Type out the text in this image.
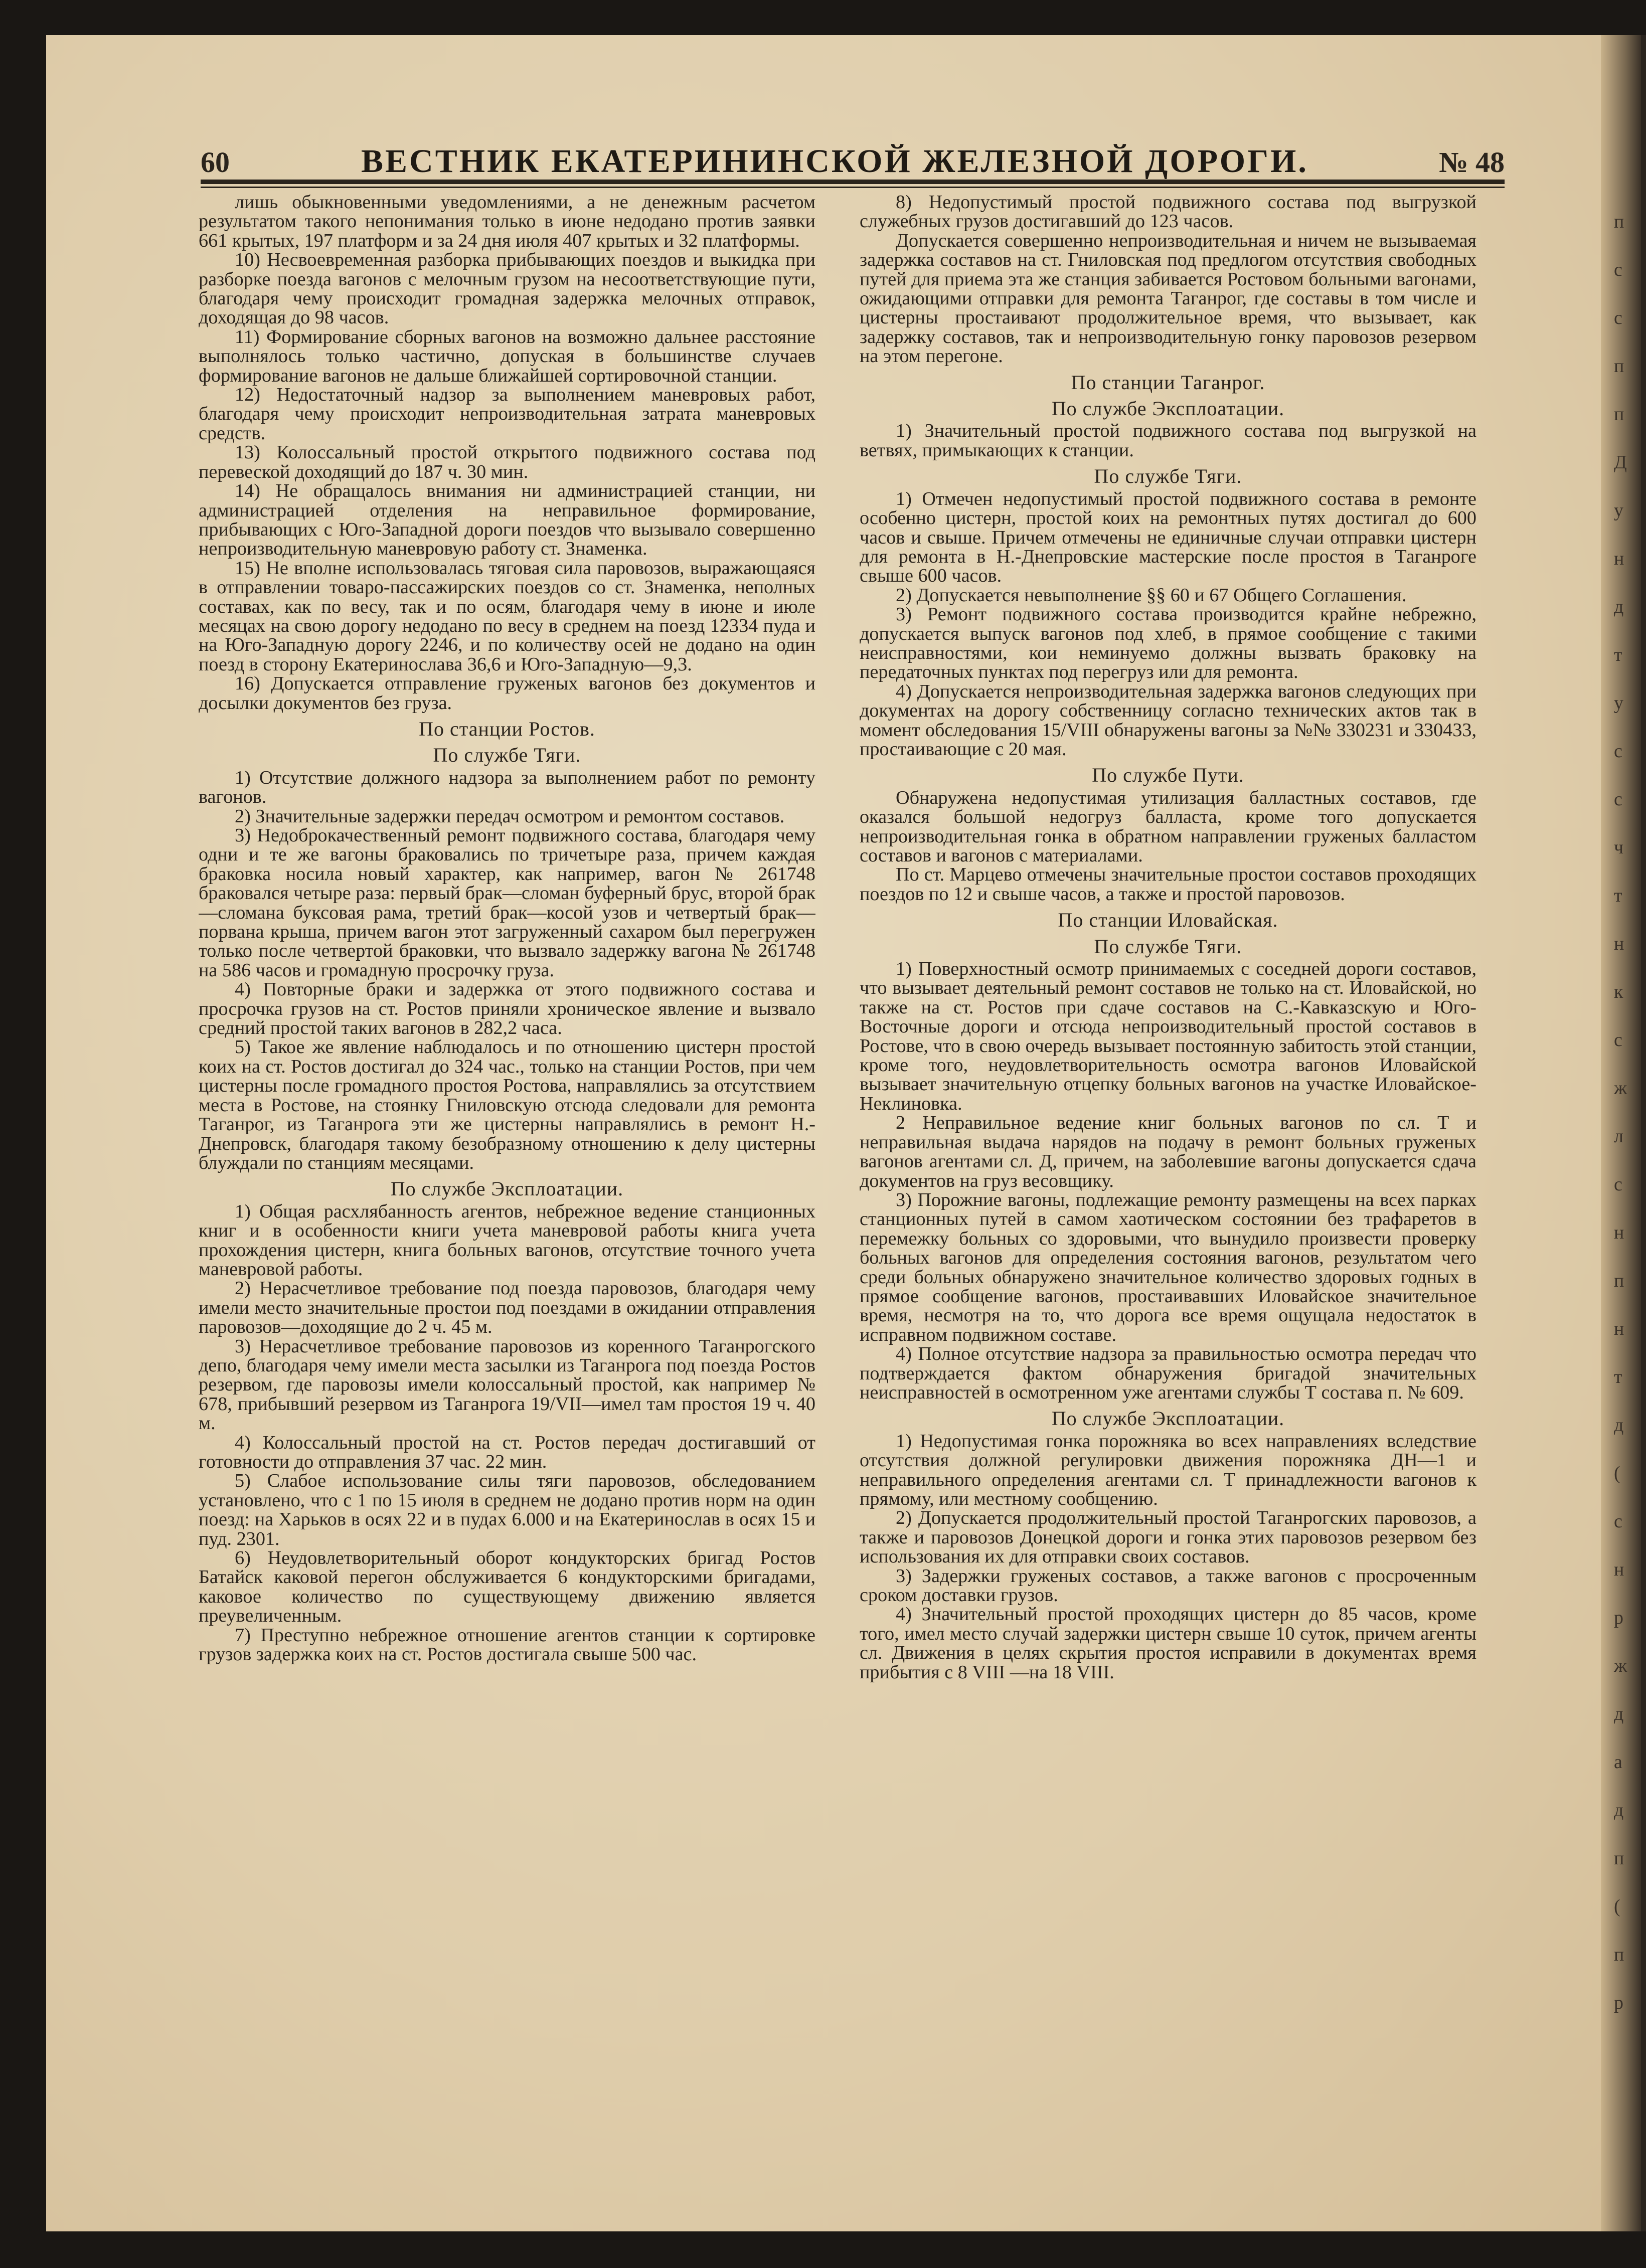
60	ВЕСТНИК ЕКАТЕРИНИНСКОЙ ЖЕЛЕЗНОЙ ДОРОГИ.	№ 48

лишь обыкновенными уведомлениями, а не денежным расчетом результатом такого непонимания только в июне недодано против заявки 661 крытых, 197 платформ и за 24 дня июля 407 крытых и 32 платформы.

10) Несвоевременная разборка прибывающих поездов и выкидка при разборке поезда вагонов с мелочным грузом на несоответствующие пути, благодаря чему происходит громадная задержка мелочных отправок, доходящая до 98 часов.

11) Формирование сборных вагонов на возможно дальнее расстояние выполнялось только частично, допуская в большинстве случаев формирование вагонов не дальше ближайшей сортировочной станции.

12) Недостаточный надзор за выполнением маневровых работ, благодаря чему происходит непроизводительная затрата маневровых средств.

13) Колоссальный простой открытого подвижного состава под перевеской доходящий до 187 ч. 30 мин.

14) Не обращалось внимания ни администрацией станции, ни администрацией отделения на неправильное формирование, прибывающих с Юго-Западной дороги поездов что вызывало совершенно непроизводительную маневровую работу ст. Знаменка.

15) Не вполне использовалась тяговая сила паровозов, выражающаяся в отправлении товаро-пассажирских поездов со ст. Знаменка, неполных составах, как по весу, так и по осям, благодаря чему в июне и июле месяцах на свою дорогу недодано по весу в среднем на поезд 12334 пуда и на Юго-Западную дорогу 2246, и по количеству осей не додано на один поезд в сторону Екатеринослава 36,6 и Юго-Западную—9,3.

16) Допускается отправление груженых вагонов без документов и досылки документов без груза.

По станции Ростов.
По службе Тяги.

1) Отсутствие должного надзора за выполнением работ по ремонту вагонов.

2) Значительные задержки передач осмотром и ремонтом составов.

3) Недоброкачественный ремонт подвижного состава, благодаря чему одни и те же вагоны браковались по тричетыре раза, причем каждая браковка носила новый характер, как например, вагон № 261748 браковался четыре раза: первый брак—сломан буферный брус, второй брак—сломана буксовая рама, третий брак—косой узов и четвертый брак—порвана крыша, причем вагон этот загруженный сахаром был перегружен только после четвертой браковки, что вызвало задержку вагона № 261748 на 586 часов и громадную просрочку груза.

4) Повторные браки и задержка от этого подвижного состава и просрочка грузов на ст. Ростов приняли хроническое явление и вызвало средний простой таких вагонов в 282,2 часа.

5) Такое же явление наблюдалось и по отношению цистерн простой коих на ст. Ростов достигал до 324 час., только на станции Ростов, при чем цистерны после громадного простоя Ростова, направлялись за отсутствием места в Ростове, на стоянку Гниловскую отсюда следовали для ремонта Таганрог, из Таганрога эти же цистерны направлялись в ремонт Н.-Днепровск, благодаря такому безобразному отношению к делу цистерны блуждали по станциям месяцами.

По службе Эксплоатации.

1) Общая расхлябанность агентов, небрежное ведение станционных книг и в особенности книги учета маневровой работы книга учета прохождения цистерн, книга больных вагонов, отсутствие точного учета маневровой работы.

2) Нерасчетливое требование под поезда паровозов, благодаря чему имели место значительные простои под поездами в ожидании отправления паровозов—доходящие до 2 ч. 45 м.

3) Нерасчетливое требование паровозов из коренного Таганрогского депо, благодаря чему имели места засылки из Таганрога под поезда Ростов резервом, где паровозы имели колоссальный простой, как например № 678, прибывший резервом из Таганрога 19/VII—имел там простоя 19 ч. 40 м.

4) Колоссальный простой на ст. Ростов передач достигавший от готовности до отправления 37 час. 22 мин.

5) Слабое использование силы тяги паровозов, обследованием установлено, что с 1 по 15 июля в среднем не додано против норм на один поезд: на Харьков в осях 22 и в пудах 6.000 и на Екатеринослав в осях 15 и пуд. 2301.

6) Неудовлетворительный оборот кондукторских бригад Ростов Батайск каковой перегон обслуживается 6 кондукторскими бригадами, каковое количество по существующему движению является преувеличенным.

7) Преступно небрежное отношение агентов станции к сортировке грузов задержка коих на ст. Ростов достигала свыше 500 час.

8) Недопустимый простой подвижного состава под выгрузкой служебных грузов достигавший до 123 часов.

Допускается совершенно непроизводительная и ничем не вызываемая задержка составов на ст. Гниловская под предлогом отсутствия свободных путей для приема эта же станция забивается Ростовом больными вагонами, ожидающими отправки для ремонта Таганрог, где составы в том числе и цистерны простаивают продолжительное время, что вызывает, как задержку составов, так и непроизводительную гонку паровозов резервом на этом перегоне.

По станции Таганрог.
По службе Эксплоатации.

1) Значительный простой подвижного состава под выгрузкой на ветвях, примыкающих к станции.

По службе Тяги.

1) Отмечен недопустимый простой подвижного состава в ремонте особенно цистерн, простой коих на ремонтных путях достигал до 600 часов и свыше. Причем отмечены не единичные случаи отправки цистерн для ремонта в Н.-Днепровские мастерские после простоя в Таганроге свыше 600 часов.

2) Допускается невыполнение §§ 60 и 67 Общего Соглашения.

3) Ремонт подвижного состава производится крайне небрежно, допускается выпуск вагонов под хлеб, в прямое сообщение с такими неисправностями, кои неминуемо должны вызвать браковку на передаточных пунктах под перегруз или для ремонта.

4) Допускается непроизводительная задержка вагонов следующих при документах на дорогу собственницу согласно технических актов так в момент обследования 15/VIII обнаружены вагоны за №№ 330231 и 330433, простаивающие с 20 мая.

По службе Пути.

Обнаружена недопустимая утилизация балластных составов, где оказался большой недогруз балласта, кроме того допускается непроизводительная гонка в обратном направлении груженых балластом составов и вагонов с материалами.

По ст. Марцево отмечены значительные простои составов проходящих поездов по 12 и свыше часов, а также и простой паровозов.

По станции Иловайская.
По службе Тяги.

1) Поверхностный осмотр принимаемых с соседней дороги составов, что вызывает деятельный ремонт составов не только на ст. Иловайской, но также на ст. Ростов при сдаче составов на С.-Кавказскую и Юго-Восточные дороги и отсюда непроизводительный простой составов в Ростове, что в свою очередь вызывает постоянную забитость этой станции, кроме того, неудовлетворительность осмотра вагонов Иловайской вызывает значительную отцепку больных вагонов на участке Иловайское-Неклиновка.

2 Неправильное ведение книг больных вагонов по сл. Т и неправильная выдача нарядов на подачу в ремонт больных груженых вагонов агентами сл. Д, причем, на заболевшие вагоны допускается сдача документов на груз весовщику.

3) Порожние вагоны, подлежащие ремонту размещены на всех парках станционных путей в самом хаотическом состоянии без трафаретов в перемежку больных со здоровыми, что вынудило произвести проверку больных вагонов для определения состояния вагонов, результатом чего среди больных обнаружено значительное количество здоровых годных в прямое сообщение вагонов, простаивавших Иловайское значительное время, несмотря на то, что дорога все время ощущала недостаток в исправном подвижном составе.

4) Полное отсутствие надзора за правильностью осмотра передач что подтверждается фактом обнаружения бригадой значительных неисправностей в осмотренном уже агентами службы Т состава п. № 609.

По службе Эксплоатации.

1) Недопустимая гонка порожняка во всех направлениях вследствие отсутствия должной регулировки движения порожняка ДН—1 и неправильного определения агентами сл. Т принадлежности вагонов к прямому, или местному сообщению.

2) Допускается продолжительный простой Таганрогских паровозов, а также и паровозов Донецкой дороги и гонка этих паровозов резервом без использования их для отправки своих составов.

3) Задержки груженых составов, а также вагонов с просроченным сроком доставки грузов.

4) Значительный простой проходящих цистерн до 85 часов, кроме того, имел место случай задержки цистерн свыше 10 суток, причем агенты сл. Движения в целях скрытия простоя исправили в документах время прибытия с 8 VIII —на 18 VIII.

п
с
с
п
п
Д
у
н
д
т
у
с
с
ч
т
н
к
с
ж
л
с
н
п
н
т
д
(
с
н
р
ж
д
а
д
п
(
п
р
